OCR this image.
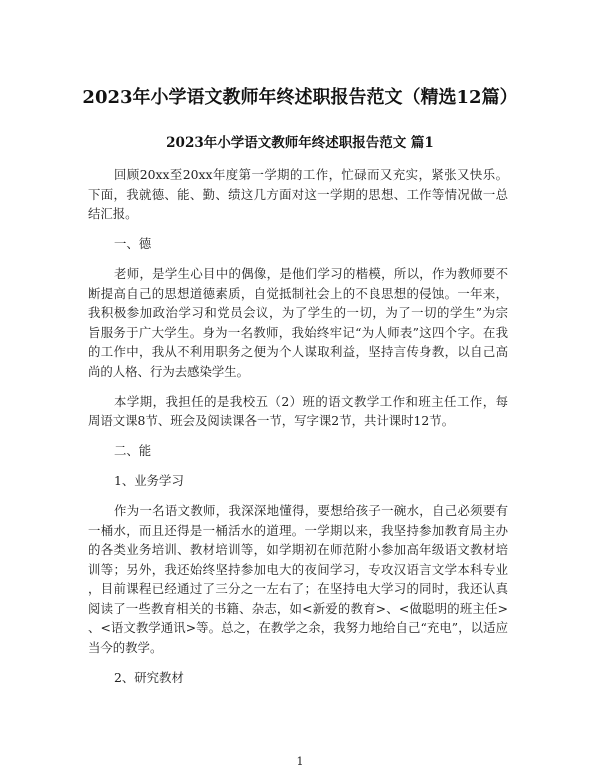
2023年小学语文教师年终述职报告范文（精选12篇）
2023年小学语文教师年终述职报告范文 篇1
回顾20xx至20xx年度第一学期的工作，忙碌而又充实，紧张又快乐。
下面，我就德、能、勤、绩这几方面对这一学期的思想、工作等情况做一总
结汇报。
一、德
老师，是学生心目中的偶像，是他们学习的楷模，所以，作为教师要不
断提高自己的思想道德素质，自觉抵制社会上的不良思想的侵蚀。一年来，
我积极参加政治学习和党员会议，为了学生的一切，为了一切的学生”为宗
旨服务于广大学生。身为一名教师，我始终牢记“为人师表”这四个字。在我
的工作中，我从不利用职务之便为个人谋取利益，坚持言传身教，以自己高
尚的人格、行为去感染学生。
本学期，我担任的是我校五（2）班的语文教学工作和班主任工作，每
周语文课8节、班会及阅读课各一节，写字课2节，共计课时12节。
二、能
1、业务学习
作为一名语文教师，我深深地懂得，要想给孩子一碗水，自己必须要有
一桶水，而且还得是一桶活水的道理。一学期以来，我坚持参加教育局主办
的各类业务培训、教材培训等，如学期初在师范附小参加高年级语文教材培
训等；另外，我还始终坚持参加电大的夜间学习，专攻汉语言文学本科专业
，目前课程已经通过了三分之一左右了；在坚持电大学习的同时，我还认真
阅读了一些教育相关的书籍、杂志，如<新爱的教育>、<做聪明的班主任>
、<语文教学通讯>等。总之，在教学之余，我努力地给自己“充电”，以适应
当今的教学。
2、研究教材
1
